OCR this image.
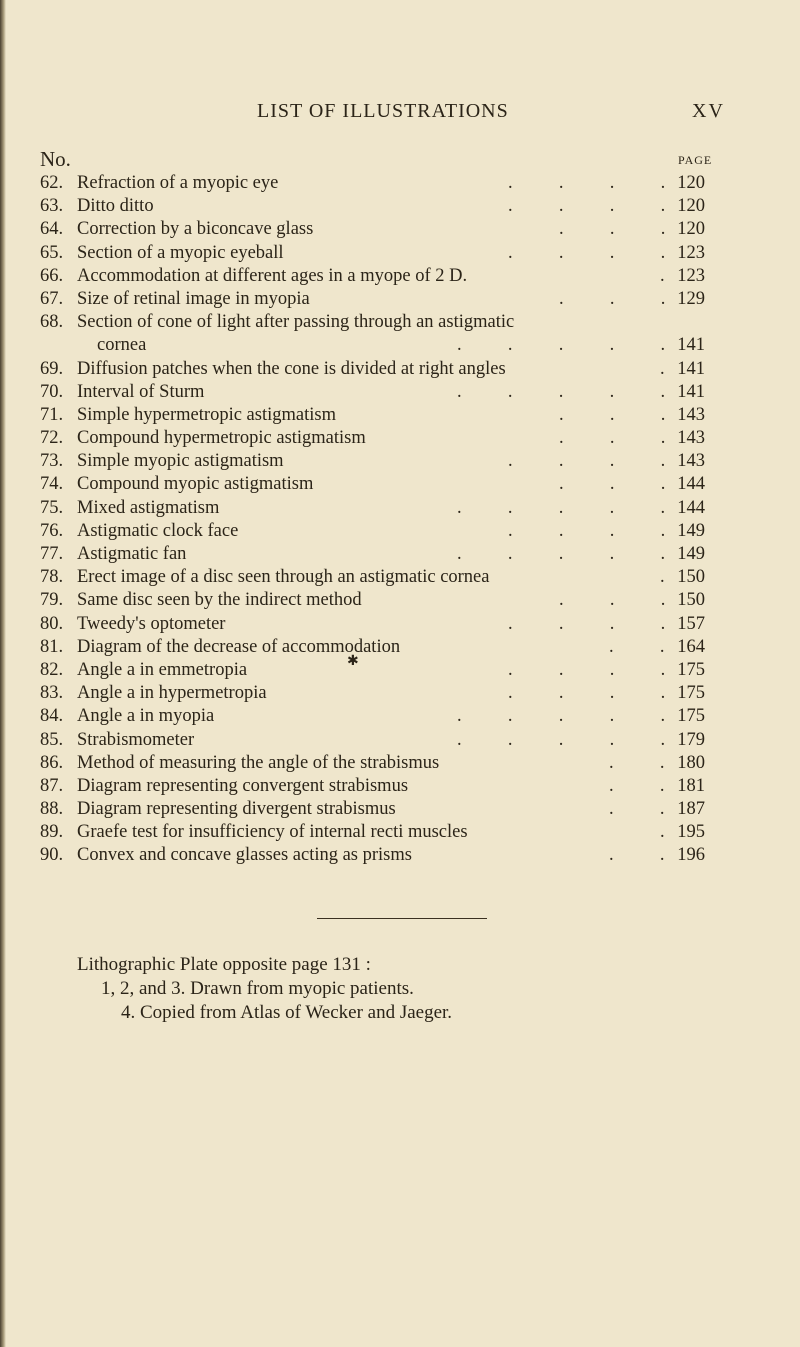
LIST OF ILLUSTRATIONS	XV
No.	PAGE
62. Refraction of a myopic eye	.          .          .          . 120
63. Ditto ditto	.          .          .          . 120
64. Correction by a biconcave glass	.          .          . 120
65. Section of a myopic eyeball	.          .          .          . 123
66. Accommodation at different ages in a myope of 2 D.	. 123
67. Size of retinal image in myopia	.          .          . 129
68. Section of cone of light after passing through an astigmatic
cornea	.          .          .          .          . 141
69. Diffusion patches when the cone is divided at right angles	. 141
70. Interval of Sturm	.          .          .          .          . 141
71. Simple hypermetropic astigmatism	.          .          . 143
72. Compound hypermetropic astigmatism	.          .          . 143
73. Simple myopic astigmatism	.          .          .          . 143
74. Compound myopic astigmatism	.          .          . 144
75. Mixed astigmatism	.          .          .          .          . 144
76. Astigmatic clock face	.          .          .          . 149
77. Astigmatic fan	.          .          .          .          . 149
78. Erect image of a disc seen through an astigmatic cornea	. 150
79. Same disc seen by the indirect method	.          .          . 150
80. Tweedy's optometer	.          .          .          . 157
81. Diagram of the decrease of accommodation	.          . 164
82. Angle a in emmetropia	.          .          .          . 175
83. Angle a in hypermetropia	.          .          .          . 175
84. Angle a in myopia	.          .          .          .          . 175
85. Strabismometer	.          .          .          .          . 179
86. Method of measuring the angle of the strabismus	.          . 180
87. Diagram representing convergent strabismus	.          . 181
88. Diagram representing divergent strabismus	.          . 187
89. Graefe test for insufficiency of internal recti muscles	. 195
90. Convex and concave glasses acting as prisms	.          . 196
✱
Lithographic Plate opposite page 131 :
1, 2, and 3. Drawn from myopic patients.
4. Copied from Atlas of Wecker and Jaeger.
